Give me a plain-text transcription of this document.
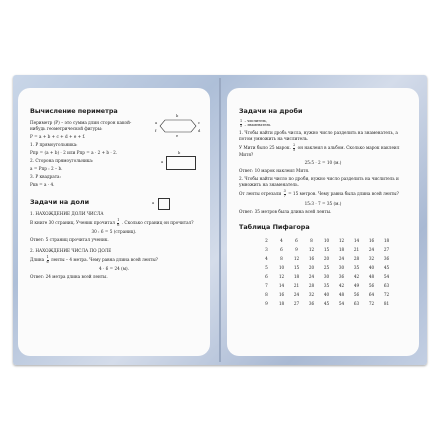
Вычисление периметра

Периметр (P) – это сумма длин сторон какой-нибудь геометрической фигуры:

P = a + b + c + d + e + f.

1. P прямоугольника:

Pпр = (a + b) · 2 или Pпр = a · 2 + b · 2.

2. Сторона прямоугольника:

a = Pпр : 2 – b.

3. P квадрата:

Pкв = a · 4.

b
c
a
d
f
e
b
a
a
Задачи на доли

1. НАХОЖДЕНИЕ ДОЛИ ЧИСЛА

В книге 30 страниц. Ученик прочитал $\frac{1}{6}$ . Сколько страниц он прочитал?

30 : 6 = 5 (страниц).

Ответ: 5 страниц прочитал ученик.

2. НАХОЖДЕНИЕ ЧИСЛА ПО ДОЛЕ

Длина $\frac{1}{6}$ ленты – 4 метра. Чему равна длина всей ленты?

4 · 6 = 24 (м).

Ответ: 24 метра длина всей ленты.

Задачи на дроби

$\frac{1}{5}$ – числитель,
– знаменатель.

1. Чтобы найти дробь числа, нужно число разделить на знаменатель, а потом умножить на числитель.

У Мити было 25 марок. $\frac{2}{5}$ он наклеил в альбом. Сколько марок наклеил Митя?

25:5 · 2 = 10 (м.)

Ответ: 10 марок наклеил Митя.

2. Чтобы найти число по дроби, нужно число разделить на числитель и умножить на знаменатель.

От ленты отрезали $\frac{3}{7} = 15$ метров. Чему равна была длина всей ленты?

15:3 · 7 = 35 (м.)

Ответ: 35 метров была длина всей ленты.

Таблица Пифагора
2	4	6	8	10	12	14	16	18
3	6	9	12	15	18	21	24	27
4	8	12	16	20	24	28	32	36
5	10	15	20	25	30	35	40	45
6	12	18	24	30	36	42	48	54
7	14	21	28	35	42	49	56	63
8	16	24	32	40	48	56	64	72
9	18	27	36	45	54	63	72	81
